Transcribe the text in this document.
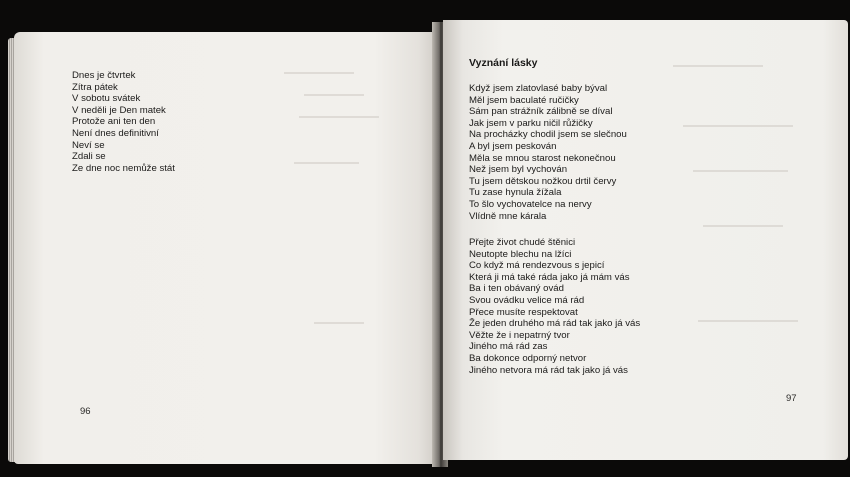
Dnes je čtvrtek
Zítra pátek
V sobotu svátek
V neděli je Den matek
Protože ani ten den
Není dnes definitivní
Neví se
Zdali se
Ze dne noc nemůže stát
96
Vyznání lásky
Když jsem zlatovlasé baby býval
Měl jsem baculaté ručičky
Sám pan strážník zálibně se díval
Jak jsem v parku ničil růžičky
Na procházky chodil jsem se slečnou
A byl jsem peskován
Měla se mnou starost nekonečnou
Než jsem byl vychován
Tu jsem dětskou nožkou drtil červy
Tu zase hynula žížala
To šlo vychovatelce na nervy
Vlídně mne kárala
Přejte život chudé štěnici
Neutopte blechu na lžíci
Co když má rendezvous s jepicí
Která ji má také ráda jako já mám vás
Ba i ten obávaný ovád
Svou ovádku velice má rád
Přece musíte respektovat
Že jeden druhého má rád tak jako já vás
Věžte že i nepatrný tvor
Jiného má rád zas
Ba dokonce odporný netvor
Jiného netvora má rád tak jako já vás
97
